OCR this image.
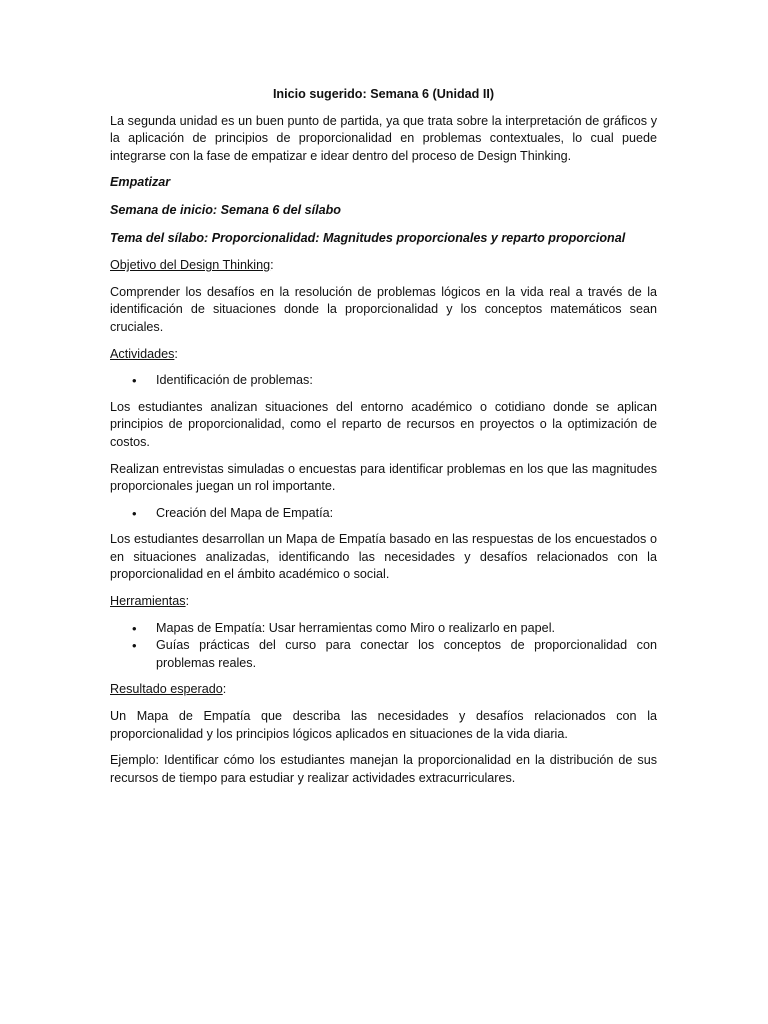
Inicio sugerido: Semana 6 (Unidad II)

La segunda unidad es un buen punto de partida, ya que trata sobre la interpretación de gráficos y la aplicación de principios de proporcionalidad en problemas contextuales, lo cual puede integrarse con la fase de empatizar e idear dentro del proceso de Design Thinking.

Empatizar

Semana de inicio: Semana 6 del sílabo

Tema del sílabo: Proporcionalidad: Magnitudes proporcionales y reparto proporcional

Objetivo del Design Thinking:

Comprender los desafíos en la resolución de problemas lógicos en la vida real a través de la identificación de situaciones donde la proporcionalidad y los conceptos matemáticos sean cruciales.

Actividades:

• Identificación de problemas:

Los estudiantes analizan situaciones del entorno académico o cotidiano donde se aplican principios de proporcionalidad, como el reparto de recursos en proyectos o la optimización de costos.

Realizan entrevistas simuladas o encuestas para identificar problemas en los que las magnitudes proporcionales juegan un rol importante.

• Creación del Mapa de Empatía:

Los estudiantes desarrollan un Mapa de Empatía basado en las respuestas de los encuestados o en situaciones analizadas, identificando las necesidades y desafíos relacionados con la proporcionalidad en el ámbito académico o social.

Herramientas:

• Mapas de Empatía: Usar herramientas como Miro o realizarlo en papel.
• Guías prácticas del curso para conectar los conceptos de proporcionalidad con problemas reales.

Resultado esperado:

Un Mapa de Empatía que describa las necesidades y desafíos relacionados con la proporcionalidad y los principios lógicos aplicados en situaciones de la vida diaria.

Ejemplo: Identificar cómo los estudiantes manejan la proporcionalidad en la distribución de sus recursos de tiempo para estudiar y realizar actividades extracurriculares.
